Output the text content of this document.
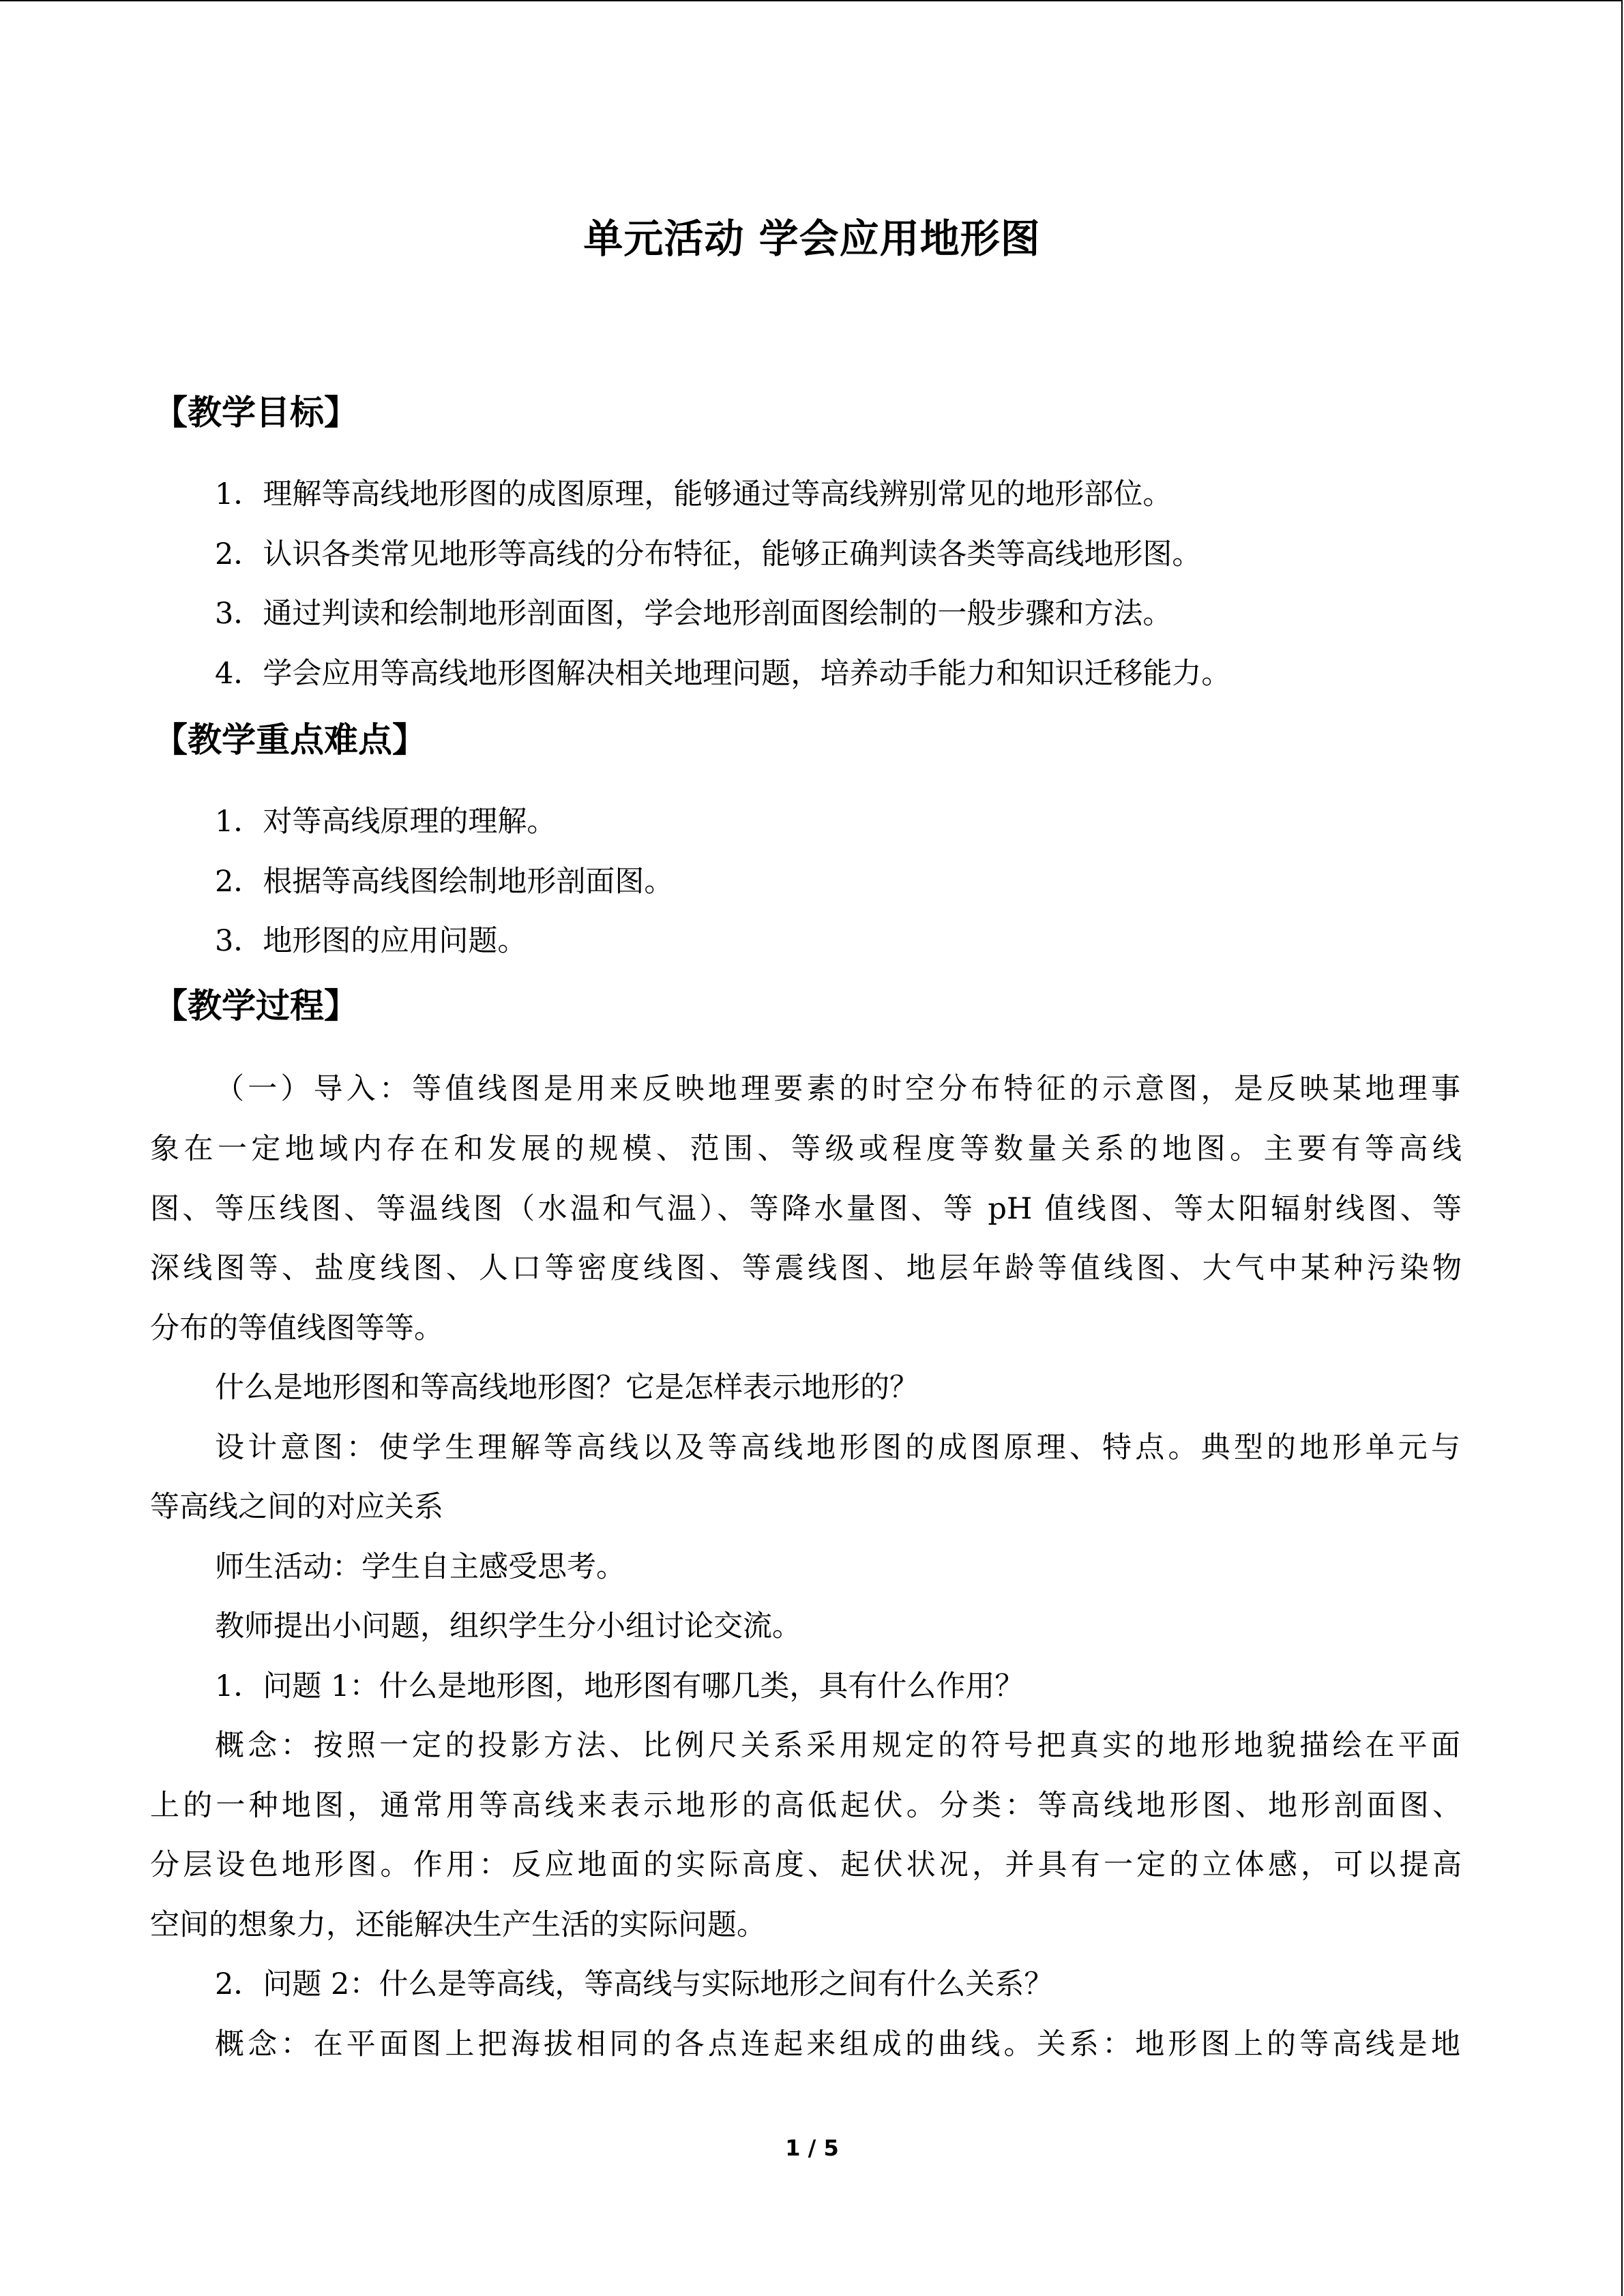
单元活动 学会应用地形图
【教学目标】

1．理解等高线地形图的成图原理，能够通过等高线辨别常见的地形部位。

2．认识各类常见地形等高线的分布特征，能够正确判读各类等高线地形图。

3．通过判读和绘制地形剖面图，学会地形剖面图绘制的一般步骤和方法。

4．学会应用等高线地形图解决相关地理问题，培养动手能力和知识迁移能力。

【教学重点难点】

1．对等高线原理的理解。

2．根据等高线图绘制地形剖面图。

3．地形图的应用问题。

【教学过程】

（一）导入：等值线图是用来反映地理要素的时空分布特征的示意图，是反映某地理事

象在一定地域内存在和发展的规模、范围、等级或程度等数量关系的地图。主要有等高线

图、等压线图、等温线图（水温和气温）、等降水量图、等 pH 值线图、等太阳辐射线图、等

深线图等、盐度线图、人口等密度线图、等震线图、地层年龄等值线图、大气中某种污染物

分布的等值线图等等。

什么是地形图和等高线地形图？它是怎样表示地形的？

设计意图：使学生理解等高线以及等高线地形图的成图原理、特点。典型的地形单元与

等高线之间的对应关系

师生活动：学生自主感受思考。

教师提出小问题，组织学生分小组讨论交流。

1．问题 1：什么是地形图，地形图有哪几类，具有什么作用？

概念：按照一定的投影方法、比例尺关系采用规定的符号把真实的地形地貌描绘在平面

上的一种地图，通常用等高线来表示地形的高低起伏。分类：等高线地形图、地形剖面图、

分层设色地形图。作用：反应地面的实际高度、起伏状况，并具有一定的立体感，可以提高

空间的想象力，还能解决生产生活的实际问题。

2．问题 2：什么是等高线，等高线与实际地形之间有什么关系？

概念：在平面图上把海拔相同的各点连起来组成的曲线。关系：地形图上的等高线是地

1 / 5
